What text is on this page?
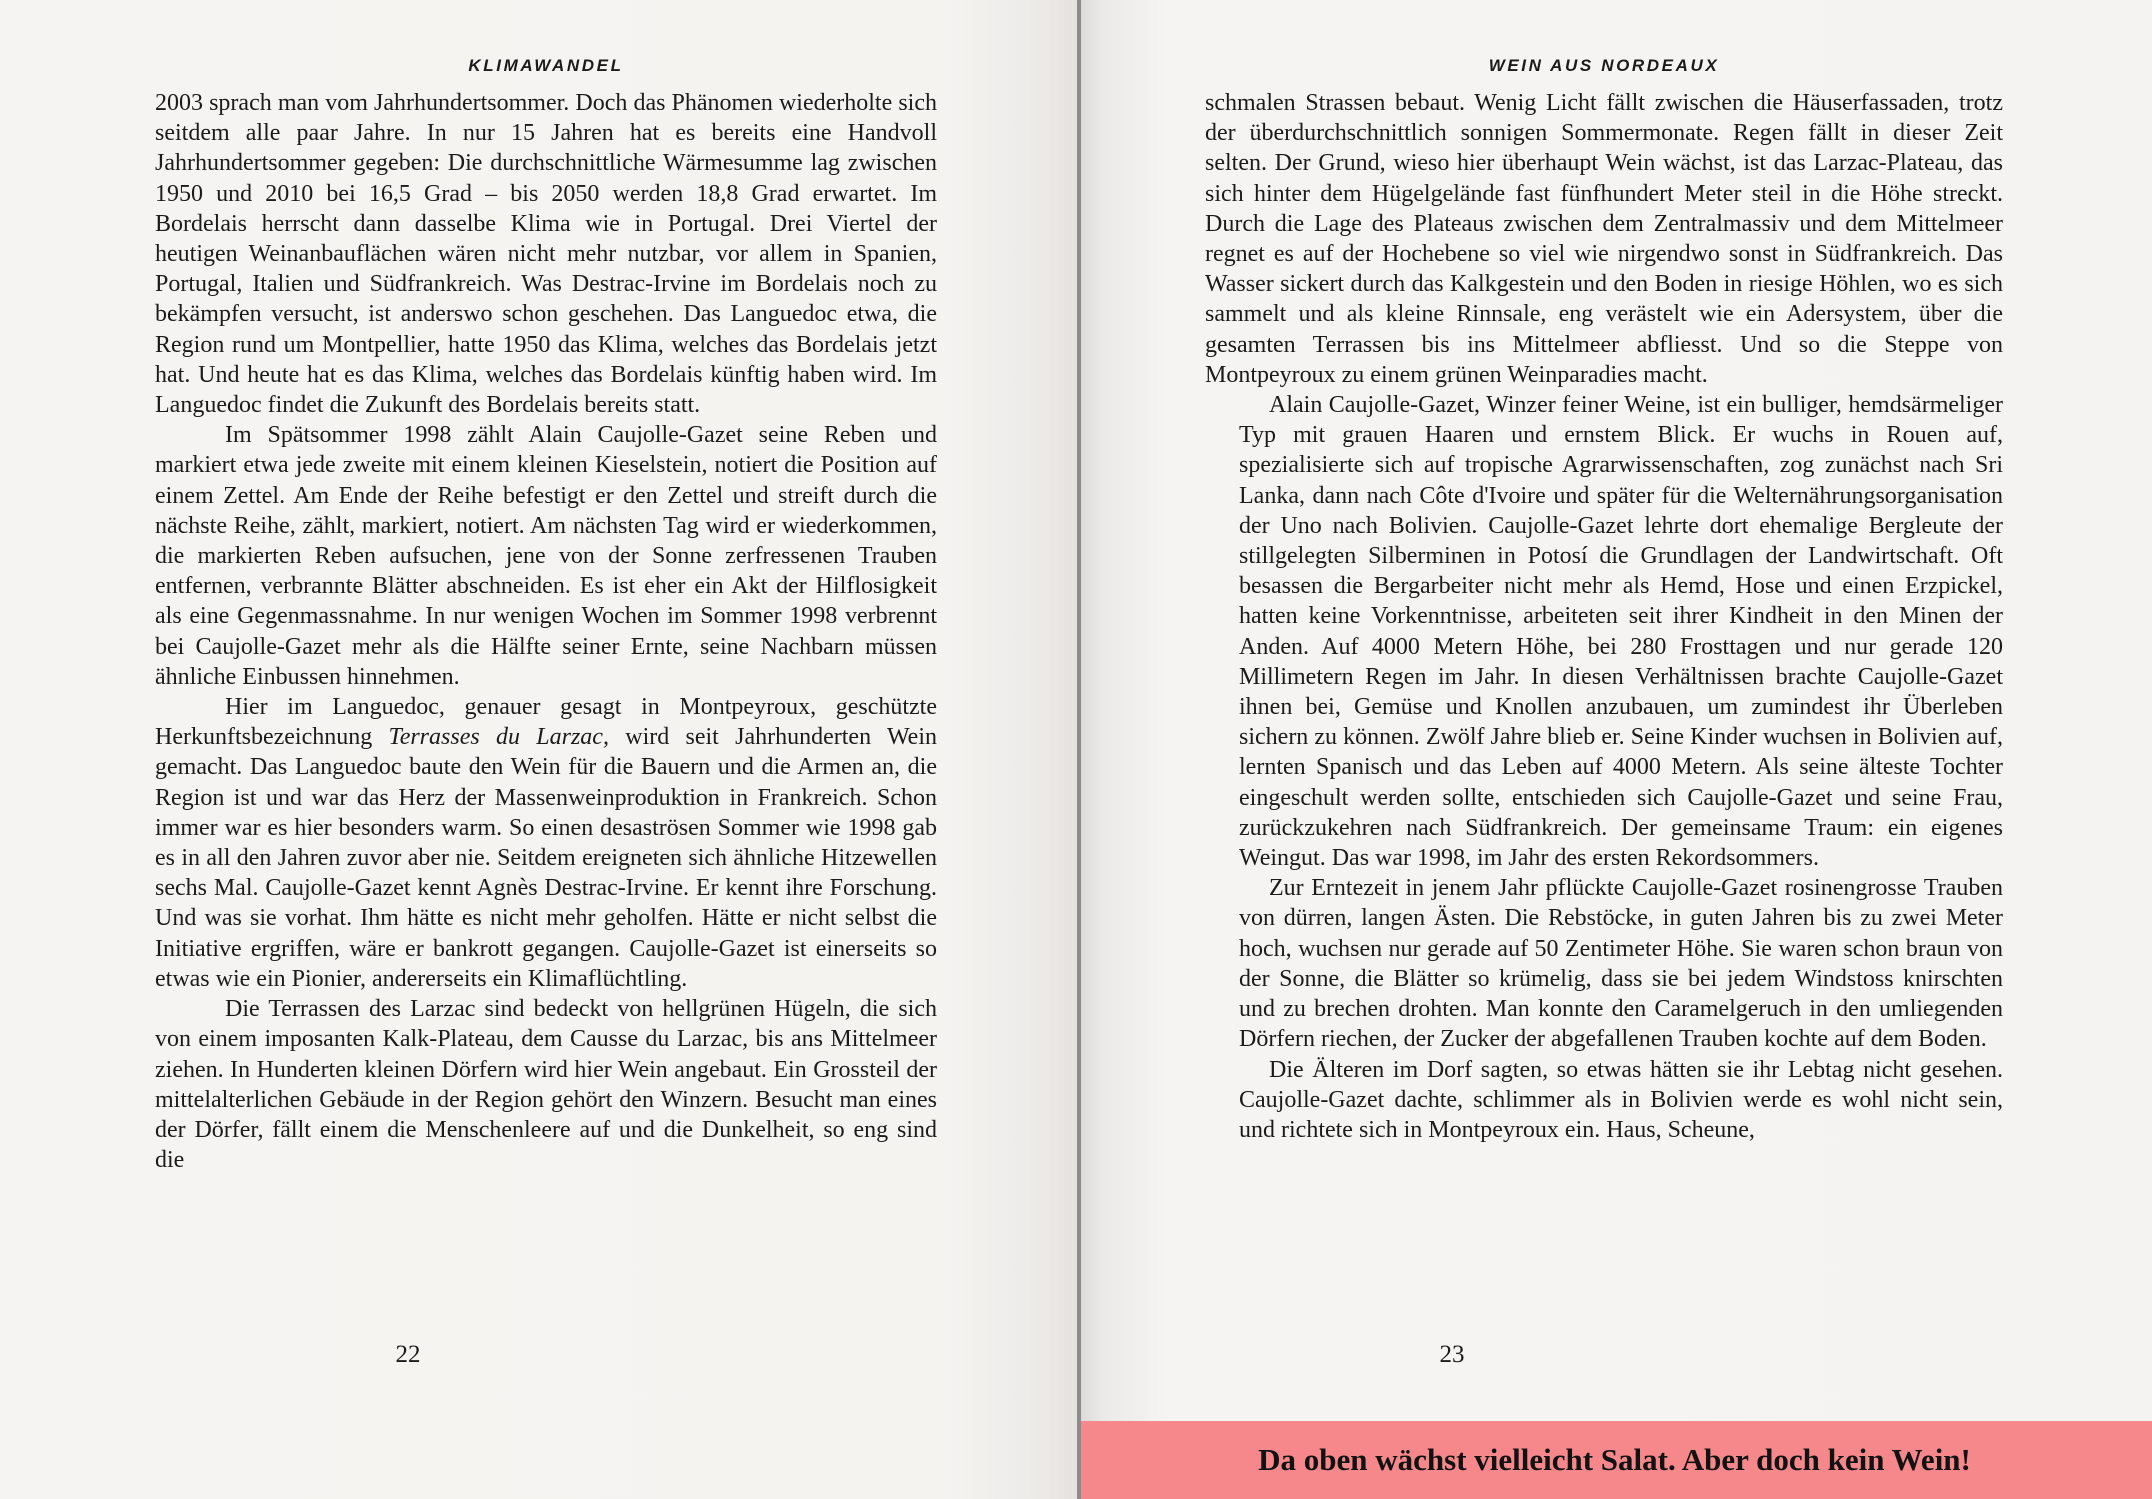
KLIMAWANDEL

2003 sprach man vom Jahrhundertsommer. Doch das Phänomen wiederholte sich seitdem alle paar Jahre. In nur 15 Jahren hat es bereits eine Handvoll Jahrhundertsommer gegeben: Die durchschnittliche Wärmesumme lag zwischen 1950 und 2010 bei 16,5 Grad – bis 2050 werden 18,8 Grad erwartet. Im Bordelais herrscht dann dasselbe Klima wie in Portugal. Drei Viertel der heutigen Weinanbauflächen wären nicht mehr nutzbar, vor allem in Spanien, Portugal, Italien und Südfrankreich. Was Destrac-Irvine im Bordelais noch zu bekämpfen versucht, ist anderswo schon geschehen. Das Languedoc etwa, die Region rund um Montpellier, hatte 1950 das Klima, welches das Bordelais jetzt hat. Und heute hat es das Klima, welches das Bordelais künftig haben wird. Im Languedoc findet die Zukunft des Bordelais bereits statt.

Im Spätsommer 1998 zählt Alain Caujolle-Gazet seine Reben und markiert etwa jede zweite mit einem kleinen Kieselstein, notiert die Position auf einem Zettel. Am Ende der Reihe befestigt er den Zettel und streift durch die nächste Reihe, zählt, markiert, notiert. Am nächsten Tag wird er wiederkommen, die markierten Reben aufsuchen, jene von der Sonne zerfressenen Trauben entfernen, verbrannte Blätter abschneiden. Es ist eher ein Akt der Hilflosigkeit als eine Gegenmassnahme. In nur wenigen Wochen im Sommer 1998 verbrennt bei Caujolle-Gazet mehr als die Hälfte seiner Ernte, seine Nachbarn müssen ähnliche Einbussen hinnehmen.

Hier im Languedoc, genauer gesagt in Montpeyroux, geschützte Herkunftsbezeichnung Terrasses du Larzac, wird seit Jahrhunderten Wein gemacht. Das Languedoc baute den Wein für die Bauern und die Armen an, die Region ist und war das Herz der Massenweinproduktion in Frankreich. Schon immer war es hier besonders warm. So einen desaströsen Sommer wie 1998 gab es in all den Jahren zuvor aber nie. Seitdem ereigneten sich ähnliche Hitzewellen sechs Mal. Caujolle-Gazet kennt Agnès Destrac-Irvine. Er kennt ihre Forschung. Und was sie vorhat. Ihm hätte es nicht mehr geholfen. Hätte er nicht selbst die Initiative ergriffen, wäre er bankrott gegangen. Caujolle-Gazet ist einerseits so etwas wie ein Pionier, andererseits ein Klimaflüchtling.

Die Terrassen des Larzac sind bedeckt von hellgrünen Hügeln, die sich von einem imposanten Kalk-Plateau, dem Causse du Larzac, bis ans Mittelmeer ziehen. In Hunderten kleinen Dörfern wird hier Wein angebaut. Ein Grossteil der mittelalterlichen Gebäude in der Region gehört den Winzern. Besucht man eines der Dörfer, fällt einem die Menschenleere auf und die Dunkelheit, so eng sind die

22
WEIN AUS NORDEAUX

schmalen Strassen bebaut. Wenig Licht fällt zwischen die Häuserfassaden, trotz der überdurchschnittlich sonnigen Sommermonate. Regen fällt in dieser Zeit selten. Der Grund, wieso hier überhaupt Wein wächst, ist das Larzac-Plateau, das sich hinter dem Hügelgelände fast fünfhundert Meter steil in die Höhe streckt. Durch die Lage des Plateaus zwischen dem Zentralmassiv und dem Mittelmeer regnet es auf der Hochebene so viel wie nirgendwo sonst in Südfrankreich. Das Wasser sickert durch das Kalkgestein und den Boden in riesige Höhlen, wo es sich sammelt und als kleine Rinnsale, eng verästelt wie ein Adersystem, über die gesamten Terrassen bis ins Mittelmeer abfliesst. Und so die Steppe von Montpeyroux zu einem grünen Weinparadies macht.

Alain Caujolle-Gazet, Winzer feiner Weine, ist ein bulliger, hemdsärmeliger Typ mit grauen Haaren und ernstem Blick. Er wuchs in Rouen auf, spezialisierte sich auf tropische Agrarwissenschaften, zog zunächst nach Sri Lanka, dann nach Côte d'Ivoire und später für die Welternährungsorganisation der Uno nach Bolivien. Caujolle-Gazet lehrte dort ehemalige Bergleute der stillgelegten Silberminen in Potosí die Grundlagen der Landwirtschaft. Oft besassen die Bergarbeiter nicht mehr als Hemd, Hose und einen Erzpickel, hatten keine Vorkenntnisse, arbeiteten seit ihrer Kindheit in den Minen der Anden. Auf 4000 Metern Höhe, bei 280 Frosttagen und nur gerade 120 Millimetern Regen im Jahr. In diesen Verhältnissen brachte Caujolle-Gazet ihnen bei, Gemüse und Knollen anzubauen, um zumindest ihr Überleben sichern zu können. Zwölf Jahre blieb er. Seine Kinder wuchsen in Bolivien auf, lernten Spanisch und das Leben auf 4000 Metern. Als seine älteste Tochter eingeschult werden sollte, entschieden sich Caujolle-Gazet und seine Frau, zurückzukehren nach Südfrankreich. Der gemeinsame Traum: ein eigenes Weingut. Das war 1998, im Jahr des ersten Rekordsommers.

Zur Erntezeit in jenem Jahr pflückte Caujolle-Gazet rosinengrosse Trauben von dürren, langen Ästen. Die Rebstöcke, in guten Jahren bis zu zwei Meter hoch, wuchsen nur gerade auf 50 Zentimeter Höhe. Sie waren schon braun von der Sonne, die Blätter so krümelig, dass sie bei jedem Windstoss knirschten und zu brechen drohten. Man konnte den Caramelgeruch in den umliegenden Dörfern riechen, der Zucker der abgefallenen Trauben kochte auf dem Boden.

Die Älteren im Dorf sagten, so etwas hätten sie ihr Lebtag nicht gesehen. Caujolle-Gazet dachte, schlimmer als in Bolivien werde es wohl nicht sein, und richtete sich in Montpeyroux ein. Haus, Scheune,

23
Da oben wächst vielleicht Salat. Aber doch kein Wein!
